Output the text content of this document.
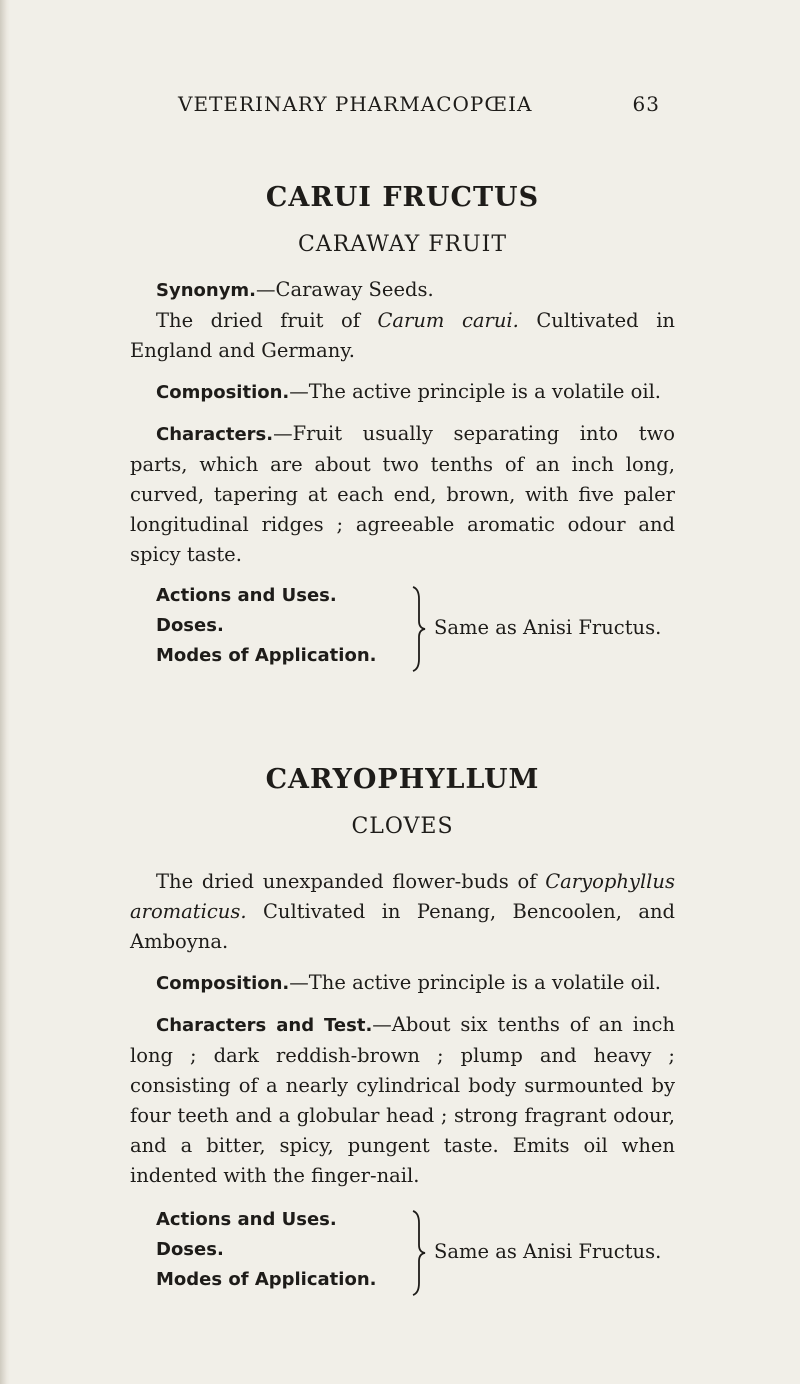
VETERINARY PHARMACOPŒIA	63
CARUI FRUCTUS
CARAWAY FRUIT

Synonym.—Caraway Seeds.

The dried fruit of Carum carui. Cultivated in England and Germany.

Composition.—The active principle is a volatile oil.

Characters.—Fruit usually separating into two parts, which are about two tenths of an inch long, curved, tapering at each end, brown, with five paler longitudinal ridges ; agreeable aromatic odour and spicy taste.

Actions and Uses.
Doses.
Modes of Application.
Same as Anisi Fructus.
CARYOPHYLLUM
CLOVES

The dried unexpanded flower-buds of Caryophyllus aromaticus. Cultivated in Penang, Bencoolen, and Amboyna.

Composition.—The active principle is a volatile oil.

Characters and Test.—About six tenths of an inch long ; dark reddish-brown ; plump and heavy ; consisting of a nearly cylindrical body surmounted by four teeth and a globular head ; strong fragrant odour, and a bitter, spicy, pungent taste. Emits oil when indented with the finger-nail.

Actions and Uses.
Doses.
Modes of Application.
Same as Anisi Fructus.
